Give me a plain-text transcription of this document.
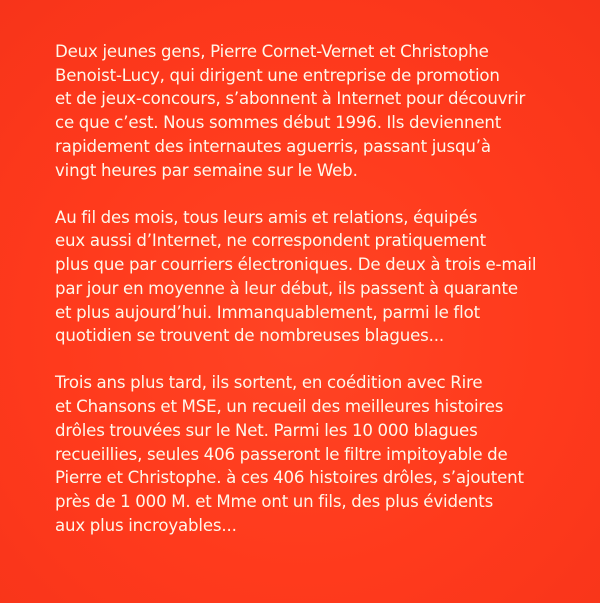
Deux jeunes gens, Pierre Cornet-Vernet et Christophe
Benoist-Lucy, qui dirigent une entreprise de promotion
et de jeux-concours, s’abonnent à Internet pour découvrir
ce que c’est. Nous sommes début 1996. Ils deviennent
rapidement des internautes aguerris, passant jusqu’à
vingt heures par semaine sur le Web.

Au fil des mois, tous leurs amis et relations, équipés
eux aussi d’Internet, ne correspondent pratiquement
plus que par courriers électroniques. De deux à trois e-mail
par jour en moyenne à leur début, ils passent à quarante
et plus aujourd’hui. Immanquablement, parmi le flot
quotidien se trouvent de nombreuses blagues...

Trois ans plus tard, ils sortent, en coédition avec Rire
et Chansons et MSE, un recueil des meilleures histoires
drôles trouvées sur le Net. Parmi les 10 000 blagues
recueillies, seules 406 passeront le filtre impitoyable de
Pierre et Christophe. à ces 406 histoires drôles, s’ajoutent
près de 1 000 M. et Mme ont un fils, des plus évidents
aux plus incroyables...
